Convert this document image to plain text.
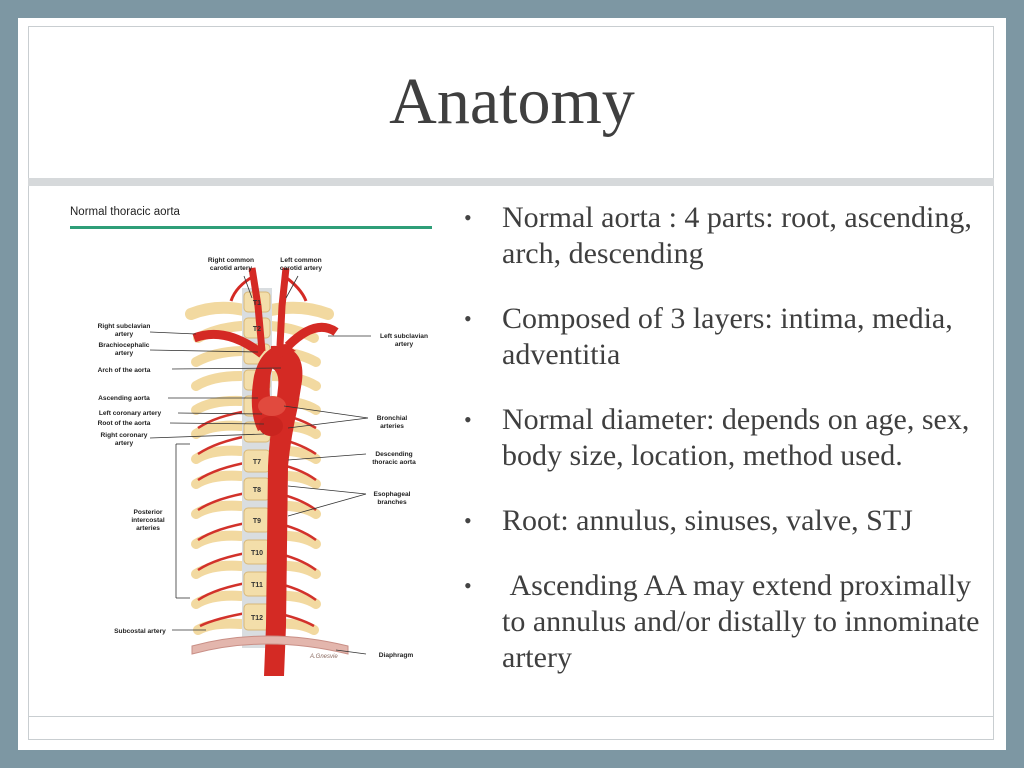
Anatomy
Normal thoracic aorta
T1
T2
T7
T8
T9
T10
T11
T12
Right common
carotid artery
Left common
carotid artery
Right subclavian
artery
Brachiocephalic
artery
Arch of the aorta
Ascending aorta
Left coronary artery
Root of the aorta
Right coronary
artery
Posterior
intercostal
arteries
Subcostal artery
Left subclavian
artery
Bronchial
arteries
Descending
thoracic aorta
Esophageal
branches
Diaphragm
A.Gnesvie
• Normal aorta : 4 parts: root, ascending, arch, descending
• Composed of 3 layers: intima, media, adventitia
• Normal diameter: depends on age, sex, body size, location, method used.
• Root: annulus, sinuses, valve, STJ
• Ascending AA may extend proximally to annulus and/or distally to innominate artery
